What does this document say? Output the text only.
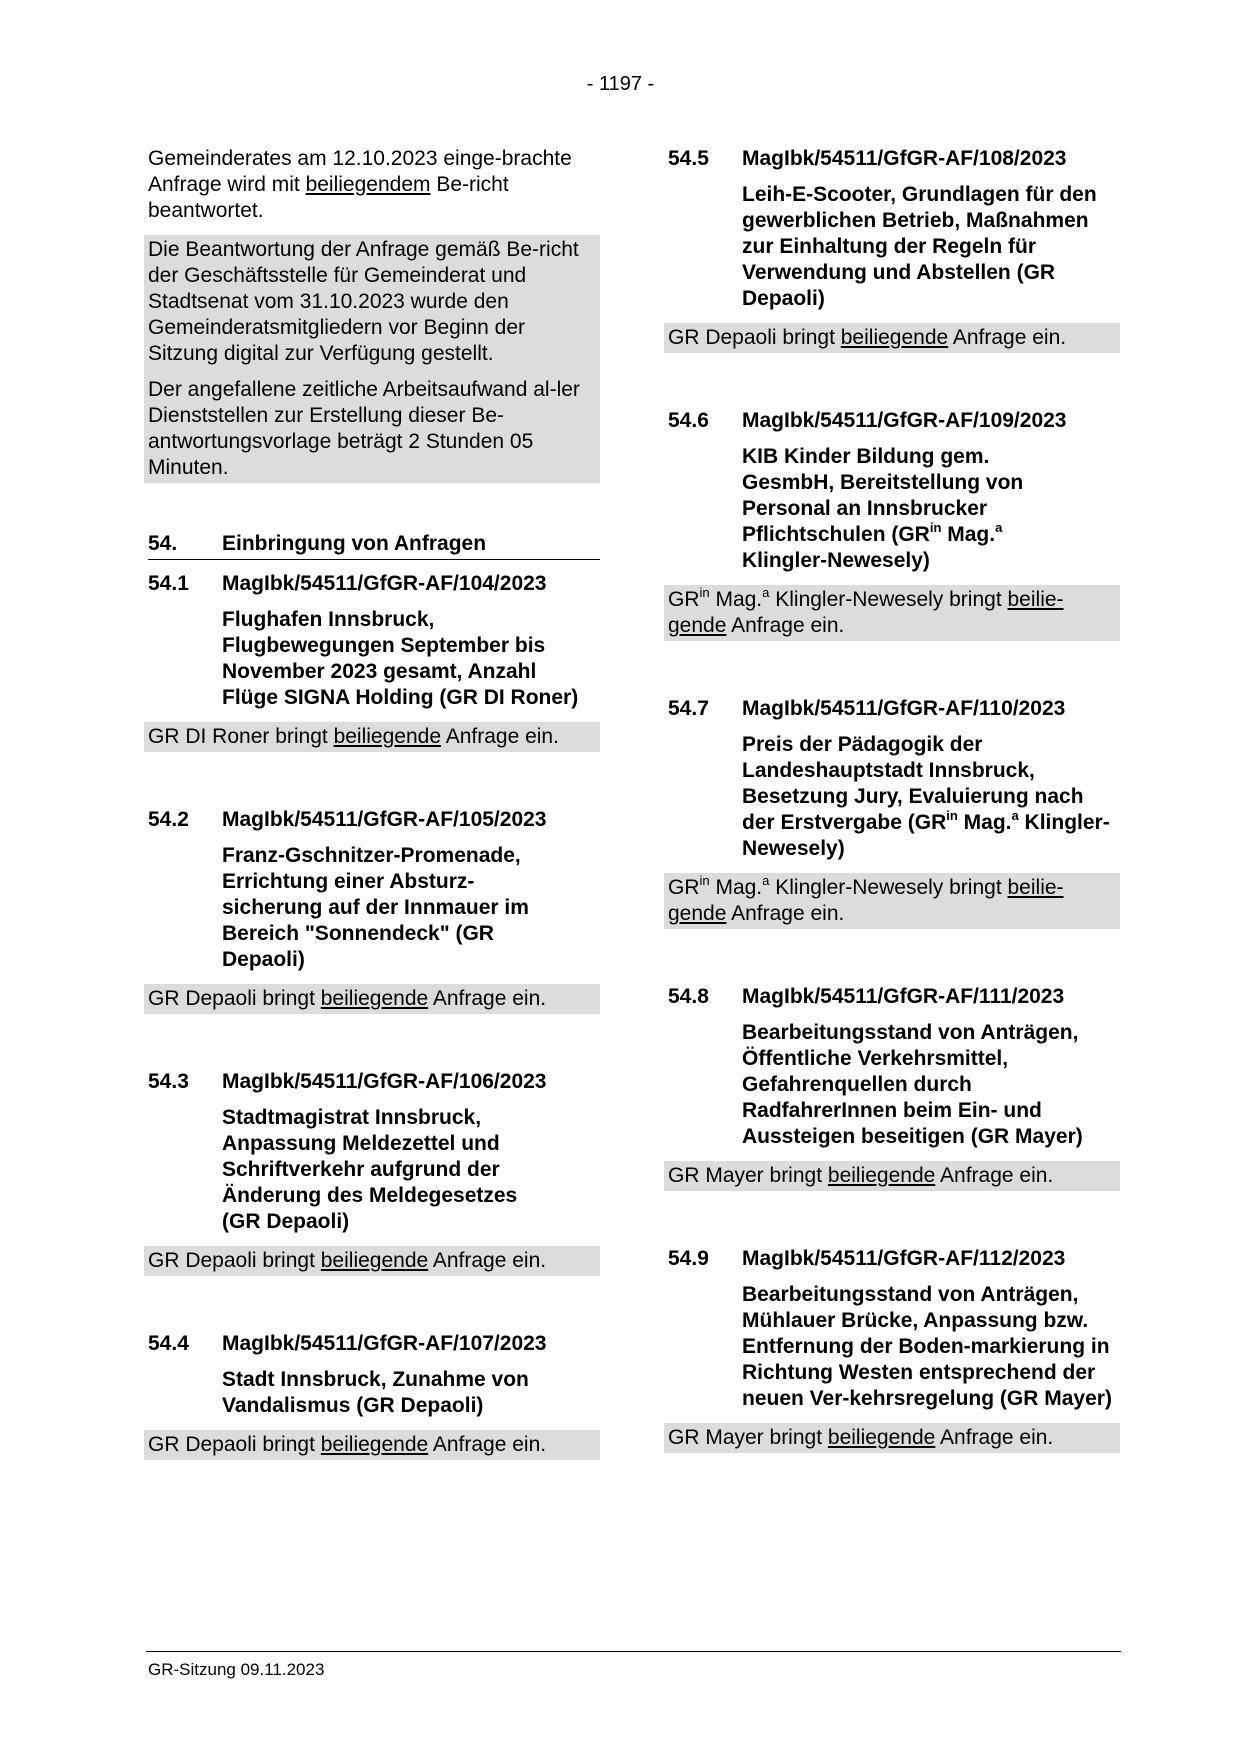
- 1197 -

Gemeinderates am 12.10.2023 einge-brachte Anfrage wird mit beiliegendem Be-richt beantwortet.

Die Beantwortung der Anfrage gemäß Be-richt der Geschäftsstelle für Gemeinderat und Stadtsenat vom 31.10.2023 wurde den Gemeinderatsmitgliedern vor Beginn der Sitzung digital zur Verfügung gestellt.

Der angefallene zeitliche Arbeitsaufwand al-ler Dienststellen zur Erstellung dieser Be-antwortungsvorlage beträgt 2 Stunden 05 Minuten.

54.	Einbringung von Anfragen
54.1	MagIbk/54511/GfGR-AF/104/2023
Flughafen Innsbruck, Flugbewegungen September bis November 2023 gesamt, Anzahl Flüge SIGNA Holding (GR DI Roner)

GR DI Roner bringt beiliegende Anfrage ein.

54.2	MagIbk/54511/GfGR-AF/105/2023
Franz-Gschnitzer-Promenade, Errichtung einer Absturz-sicherung auf der Innmauer im Bereich "Sonnendeck" (GR Depaoli)

GR Depaoli bringt beiliegende Anfrage ein.

54.3	MagIbk/54511/GfGR-AF/106/2023
Stadtmagistrat Innsbruck, Anpassung Meldezettel und Schriftverkehr aufgrund der Änderung des Meldegesetzes (GR Depaoli)

GR Depaoli bringt beiliegende Anfrage ein.

54.4	MagIbk/54511/GfGR-AF/107/2023
Stadt Innsbruck, Zunahme von Vandalismus (GR Depaoli)

GR Depaoli bringt beiliegende Anfrage ein.

54.5	MagIbk/54511/GfGR-AF/108/2023
Leih-E-Scooter, Grundlagen für den gewerblichen Betrieb, Maßnahmen zur Einhaltung der Regeln für Verwendung und Abstellen (GR Depaoli)

GR Depaoli bringt beiliegende Anfrage ein.

54.6	MagIbk/54511/GfGR-AF/109/2023
KIB Kinder Bildung gem. GesmbH, Bereitstellung von Personal an Innsbrucker Pflichtschulen ($GR^{in}$ Mag.$^a$ Klingler-Newesely)

$GR^{in}$ Mag.$^a$ Klingler-Newesely bringt beilie-gende Anfrage ein.

54.7	MagIbk/54511/GfGR-AF/110/2023
Preis der Pädagogik der Landeshauptstadt Innsbruck, Besetzung Jury, Evaluierung nach der Erstvergabe ($GR^{in}$ Mag.$^a$ Klingler-Newesely)

$GR^{in}$ Mag.$^a$ Klingler-Newesely bringt beilie-gende Anfrage ein.

54.8	MagIbk/54511/GfGR-AF/111/2023
Bearbeitungsstand von Anträgen, Öffentliche Verkehrsmittel, Gefahrenquellen durch RadfahrerInnen beim Ein- und Aussteigen beseitigen (GR Mayer)

GR Mayer bringt beiliegende Anfrage ein.

54.9	MagIbk/54511/GfGR-AF/112/2023
Bearbeitungsstand von Anträgen, Mühlauer Brücke, Anpassung bzw. Entfernung der Boden-markierung in Richtung Westen entsprechend der neuen Ver-kehrsregelung (GR Mayer)

GR Mayer bringt beiliegende Anfrage ein.

GR-Sitzung 09.11.2023
